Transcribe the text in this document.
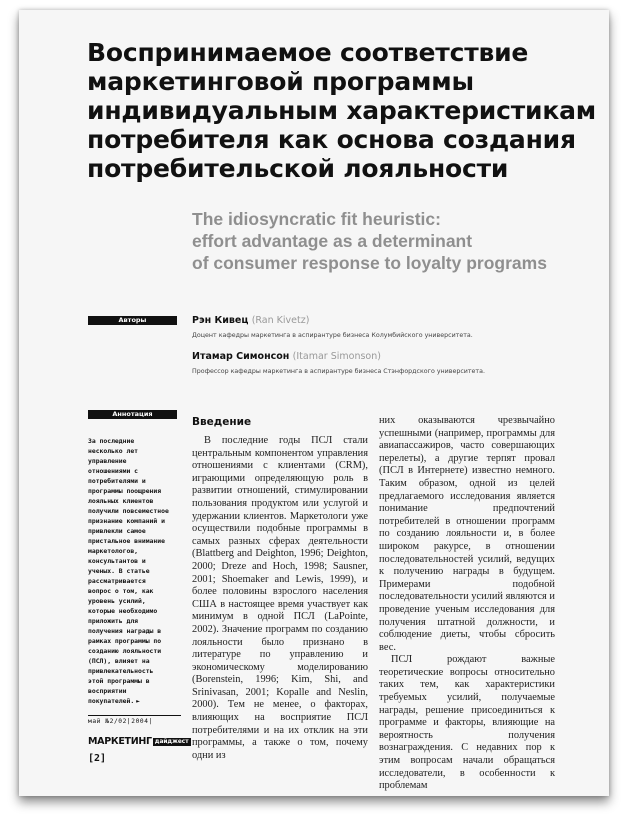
Воспринимаемое соответствие маркетинговой программы индивидуальным характеристикам потребителя как основа создания потребительской лояльности
The idiosyncratic fit heuristic:
effort advantage as a determinant
of consumer response to loyalty programs
Авторы	Рэн Кивец (Ran Kivetz)
Доцент кафедры маркетинга в аспирантуре бизнеса Колумбийского университета.
Итамар Симонсон (Itamar Simonson)
Профессор кафедры маркетинга в аспирантуре бизнеса Стэнфордского университета.
Аннотация
За последние
несколько лет
управление
отношениями с
потребителями и
программы поощрения
лояльных клиентов
получили повсеместное
признание компаний и
привлекли самое
пристальное внимание
маркетологов,
консультантов и
ученых. В статье
рассматривается
вопрос о том, как
уровень усилий,
которые необходимо
приложить для
получения награды в
рамках программы по
созданию лояльности
(ПСЛ), влияет на
привлекательность
этой программы в
восприятии
покупателей. ►
май №2/02|2004|
МАРКЕТИНГ дайджест
[2]
Введение

В последние годы ПСЛ стали центральным компонентом управления отношениями с клиентами (CRM), играющими определяющую роль в развитии отношений, стимулировании пользования продуктом или услугой и удержании клиентов. Маркетологи уже осуществили подобные программы в самых разных сферах деятельности (Blattberg and Deighton, 1996; Deighton, 2000; Dreze and Hoch, 1998; Sausner, 2001; Shoemaker and Lewis, 1999), и более половины взрослого населения США в настоящее время участвует как минимум в одной ПСЛ (LaPointe, 2002). Значение программ по созданию лояльности было признано в литературе по управлению и экономическому моделированию (Borenstein, 1996; Kim, Shi, and Srinivasan, 2001; Kopalle and Neslin, 2000). Тем не менее, о факторах, влияющих на восприятие ПСЛ потребителями и на их отклик на эти программы, а также о том, почему одни из

них оказываются чрезвычайно успешными (например, программы для авиапассажиров, часто совершающих перелеты), а другие терпят провал (ПСЛ в Интернете) известно немного. Таким образом, одной из целей предлагаемого исследования является понимание предпочтений потребителей в отношении программ по созданию лояльности и, в более широком ракурсе, в отношении последовательностей усилий, ведущих к получению награды в будущем. Примерами подобной последовательности усилий являются и проведение ученым исследования для получения штатной должности, и соблюдение диеты, чтобы сбросить вес.

ПСЛ рождают важные теоретические вопросы относительно таких тем, как характеристики требуемых усилий, получаемые награды, решение присоединиться к программе и факторы, влияющие на вероятность получения вознаграждения. С недавних пор к этим вопросам начали обращаться исследователи, в особенности к проблемам
